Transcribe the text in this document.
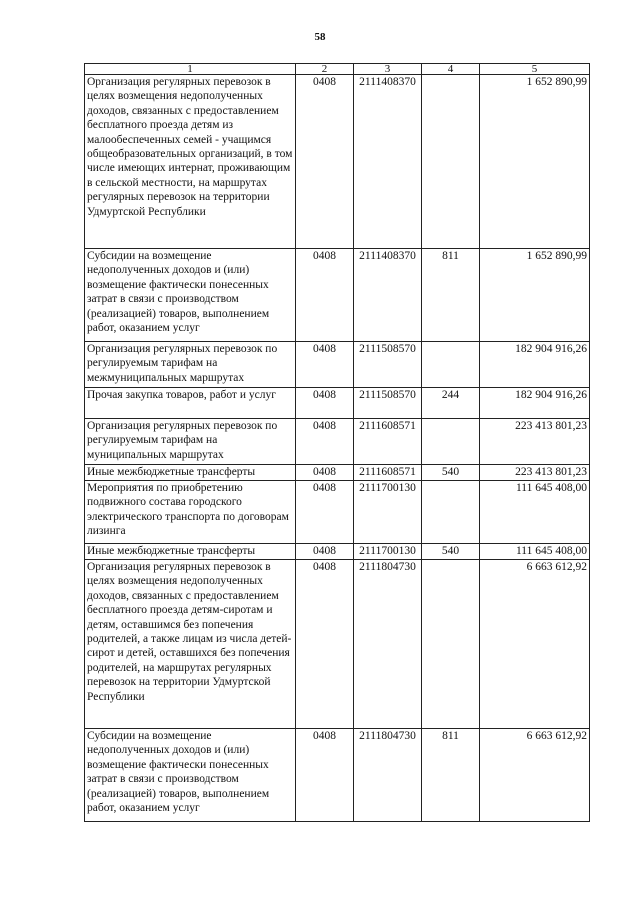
58
1	2	3	4	5
Организация регулярных перевозок в целях возмещения недополученных доходов, связанных с предоставлением бесплатного проезда детям из малообеспеченных семей - учащимся общеобразовательных организаций, в том числе имеющих интернат, проживающим в сельской местности, на маршрутах регулярных перевозок на территории Удмуртской Республики	0408	2111408370		1 652 890,99
Субсидии на возмещение недополученных доходов и (или) возмещение фактически понесенных затрат в связи с производством (реализацией) товаров, выполнением работ, оказанием услуг	0408	2111408370	811	1 652 890,99
Организация регулярных перевозок по регулируемым тарифам на межмуниципальных маршрутах	0408	2111508570		182 904 916,26
Прочая закупка товаров, работ и услуг	0408	2111508570	244	182 904 916,26
Организация регулярных перевозок по регулируемым тарифам на муниципальных маршрутах	0408	2111608571		223 413 801,23
Иные межбюджетные трансферты	0408	2111608571	540	223 413 801,23
Мероприятия по приобретению подвижного состава городского электрического транспорта по договорам лизинга	0408	2111700130		111 645 408,00
Иные межбюджетные трансферты	0408	2111700130	540	111 645 408,00
Организация регулярных перевозок в целях возмещения недополученных доходов, связанных с предоставлением бесплатного проезда детям-сиротам и детям, оставшимся без попечения родителей, а также лицам из числа детей-сирот и детей, оставшихся без попечения родителей, на маршрутах регулярных перевозок на территории Удмуртской Республики	0408	2111804730		6 663 612,92
Субсидии на возмещение недополученных доходов и (или) возмещение фактически понесенных затрат в связи с производством (реализацией) товаров, выполнением работ, оказанием услуг	0408	2111804730	811	6 663 612,92
